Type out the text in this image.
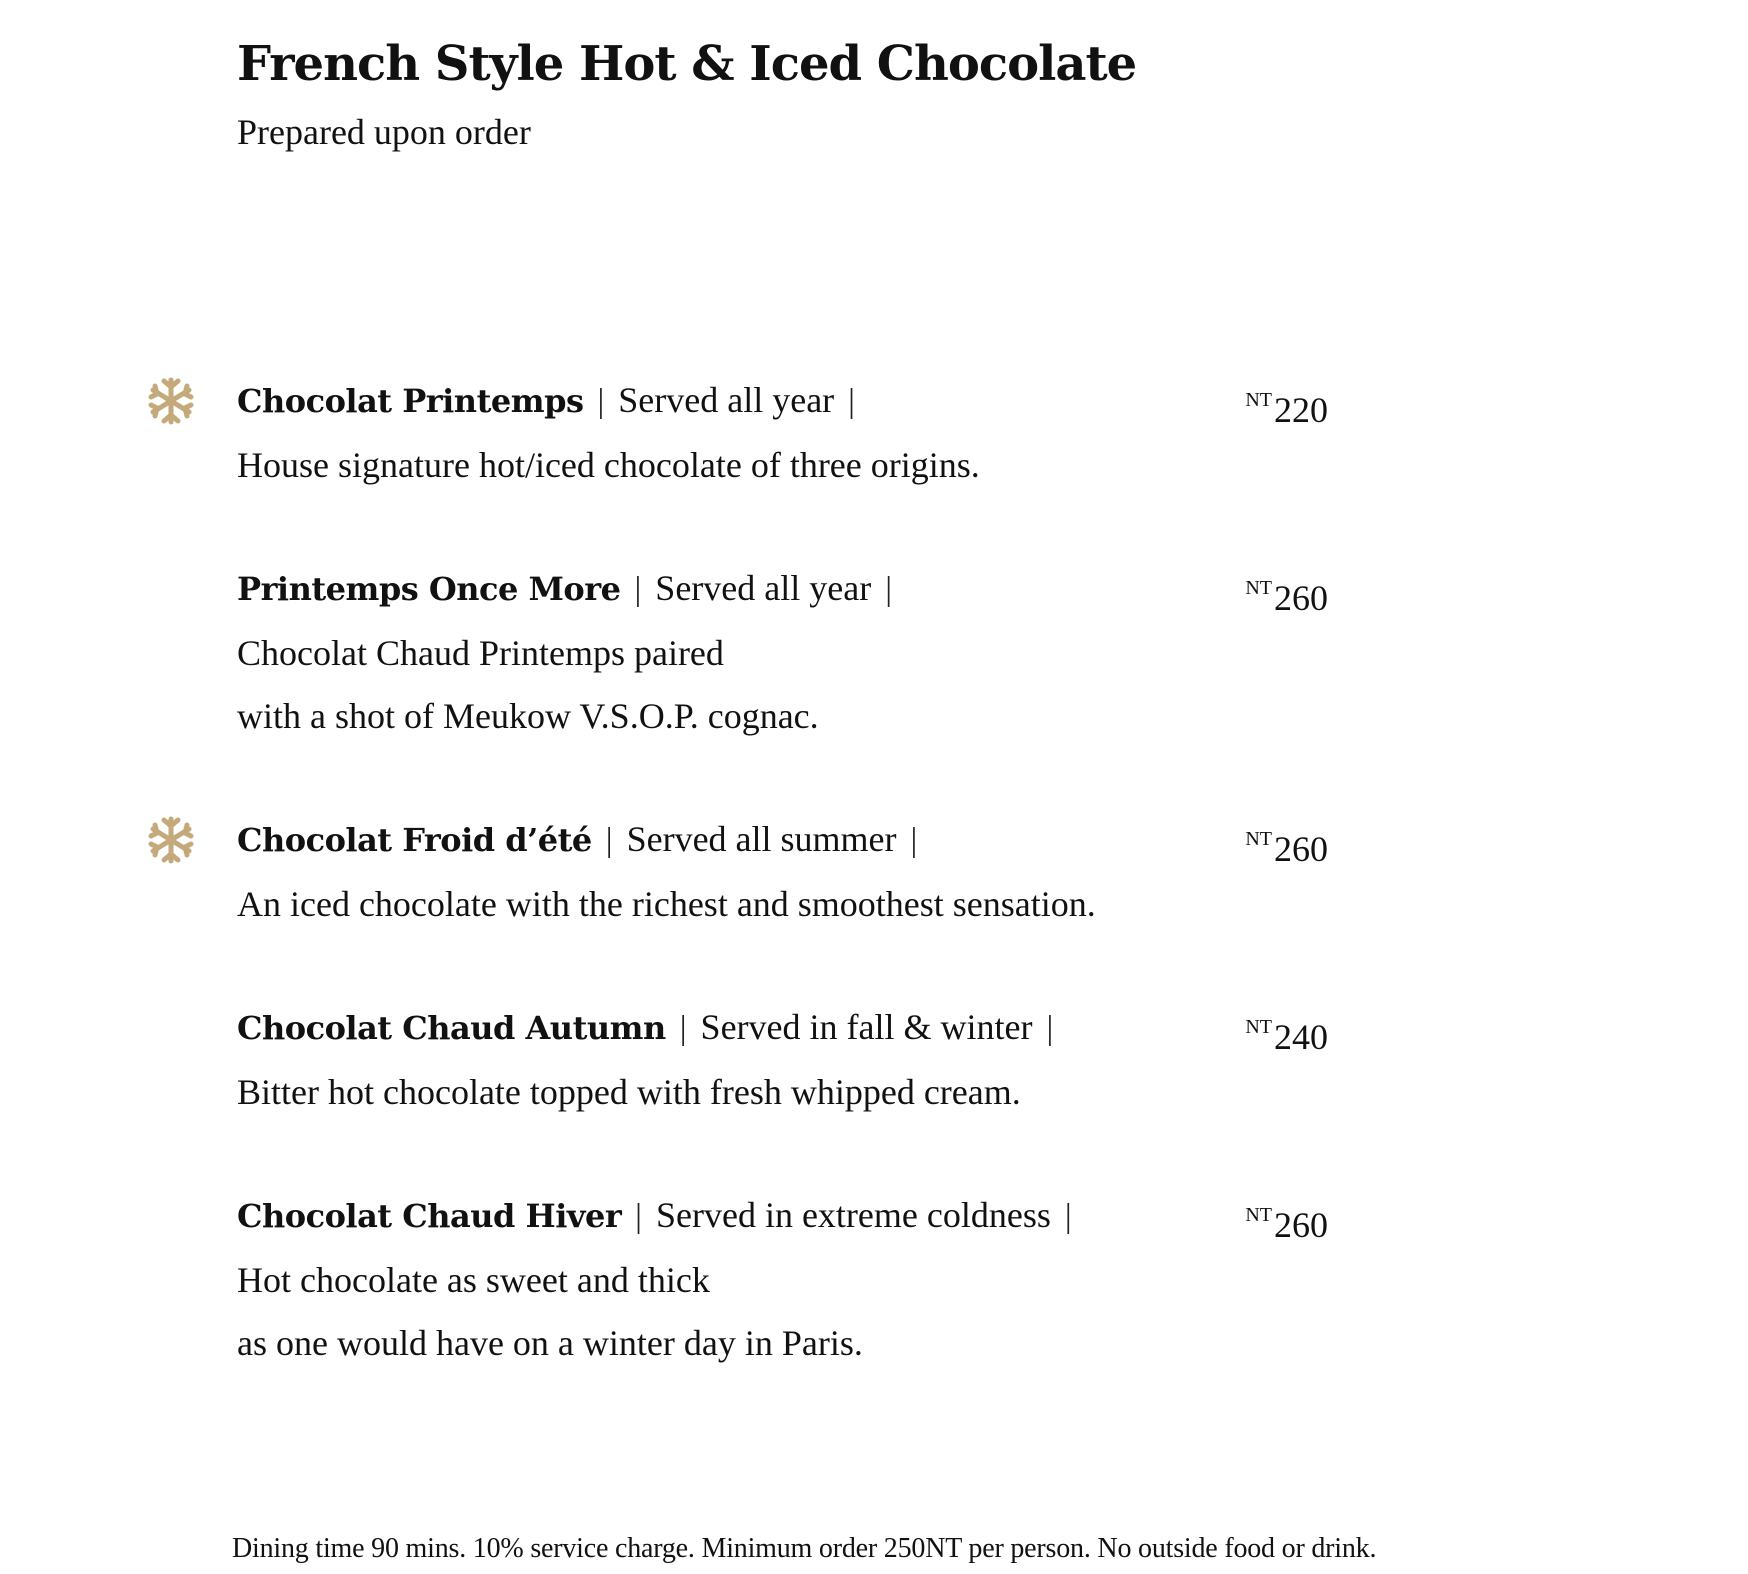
French Style Hot & Iced Chocolate

Prepared upon order

Chocolat Printemps | Served all year |	$^{NT}$220

House signature hot/iced chocolate of three origins.

Printemps Once More | Served all year |	$^{NT}$260

Chocolat Chaud Printemps paired
with a shot of Meukow V.S.O.P. cognac.

Chocolat Froid d’été | Served all summer |	$^{NT}$260

An iced chocolate with the richest and smoothest sensation.

Chocolat Chaud Autumn | Served in fall & winter |	$^{NT}$240

Bitter hot chocolate topped with fresh whipped cream.

Chocolat Chaud Hiver | Served in extreme coldness |	$^{NT}$260

Hot chocolate as sweet and thick
as one would have on a winter day in Paris.

Dining time 90 mins. 10% service charge. Minimum order 250NT per person. No outside food or drink.
